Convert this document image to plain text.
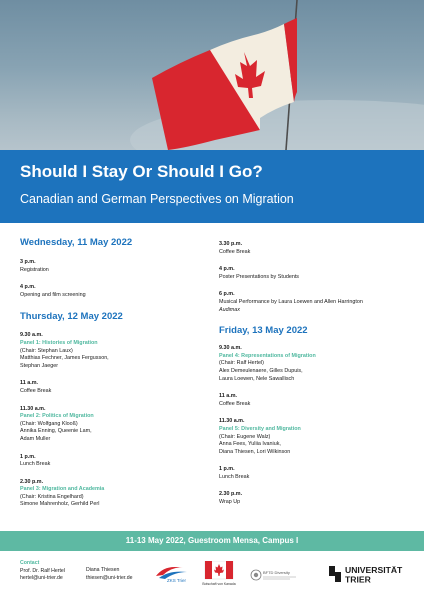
Should I Stay Or Should I Go?
Canadian and German Perspectives on Migration
Wednesday, 11 May 2022
3 p.m.
Registration
4 p.m.
Opening and film screening
Thursday, 12 May 2022
9.30 a.m.
Panel 1: Histories of Migration
(Chair: Stephan Laux)
Matthias Fechner, James Fergusson,
Stephan Jaeger
11 a.m.
Coffee Break
11.30 a.m.
Panel 2: Politics of Migration
(Chair: Wolfgang Klooß)
Annika Enning, Queenie Lam,
Adam Muller
1 p.m.
Lunch Break
2.30 p.m.
Panel 3: Migration and Academia
(Chair: Kristina Engelhard)
Simone Mahrenholz, Gerhild Perl
3.30 p.m.
Coffee Break
4 p.m.
Poster Presentations by Students
6 p.m.
Musical Performance by Laura Loewen and Allen Harrington
Audimax
Friday, 13 May 2022
9.30 a.m.
Panel 4: Representations of Migration
(Chair: Ralf Hertel)
Alex Demeulenaere, Gilles Dupuis,
Laura Loewen, Nele Sawallisch
11 a.m.
Coffee Break
11.30 a.m.
Panel 5: Diversity and Migration
(Chair: Eugene Walz)
Anna Fees, Yuliia Ivaniuk,
Diana Thiesen, Lori Wilkinson
1 p.m.
Lunch Break
2.30 p.m.
Wrap Up
11-13 May 2022, Guestroom Mensa, Campus I
Contact
Prof. Dr. Ralf Hertel
hertel@uni-trier.de
Diana Thiesen
thiesen@uni-trier.de	ZKS Trier
Botschaft von Kanada
BFTD Diversity	UNIVERSITÄT
TRIER
